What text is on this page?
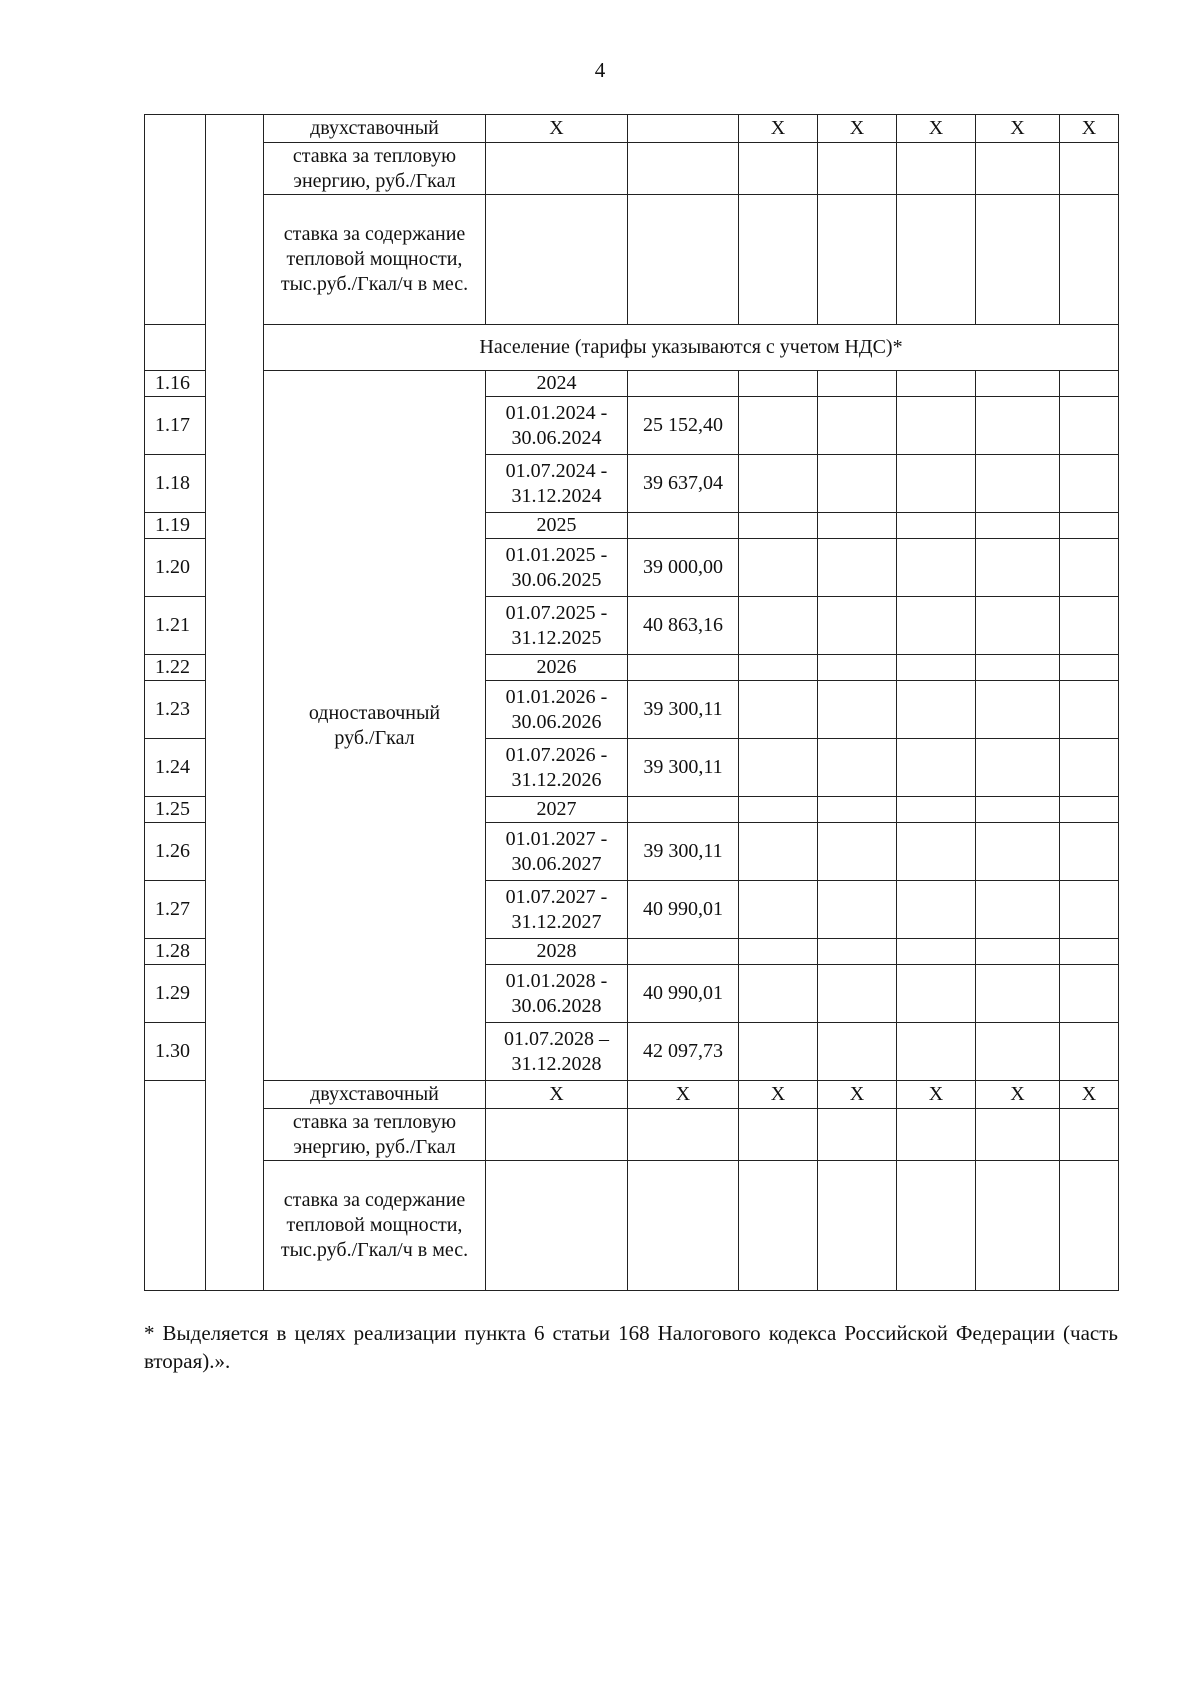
4
		двухставочный	Х		Х	Х	Х	Х	Х
		ставка за тепловую энергию, руб./Гкал							
		ставка за содержание тепловой мощности, тыс.руб./Гкал/ч в мес.							
		Население (тарифы указываются с учетом НДС)*							
1.16		одноставочный руб./Гкал	2024						
1.17			01.01.2024 - 30.06.2024	25 152,40					
1.18			01.07.2024 - 31.12.2024	39 637,04					
1.19			2025						
1.20			01.01.2025 - 30.06.2025	39 000,00					
1.21			01.07.2025 - 31.12.2025	40 863,16					
1.22			2026						
1.23			01.01.2026 - 30.06.2026	39 300,11					
1.24			01.07.2026 - 31.12.2026	39 300,11					
1.25			2027						
1.26			01.01.2027 - 30.06.2027	39 300,11					
1.27			01.07.2027 - 31.12.2027	40 990,01					
1.28			2028						
1.29			01.01.2028 - 30.06.2028	40 990,01					
1.30			01.07.2028 – 31.12.2028	42 097,73					
		двухставочный	Х	Х	Х	Х	Х	Х	Х
		ставка за тепловую энергию, руб./Гкал							
		ставка за содержание тепловой мощности, тыс.руб./Гкал/ч в мес.							
* Выделяется в целях реализации пункта 6 статьи 168 Налогового кодекса Российской Федерации (часть вторая).».
